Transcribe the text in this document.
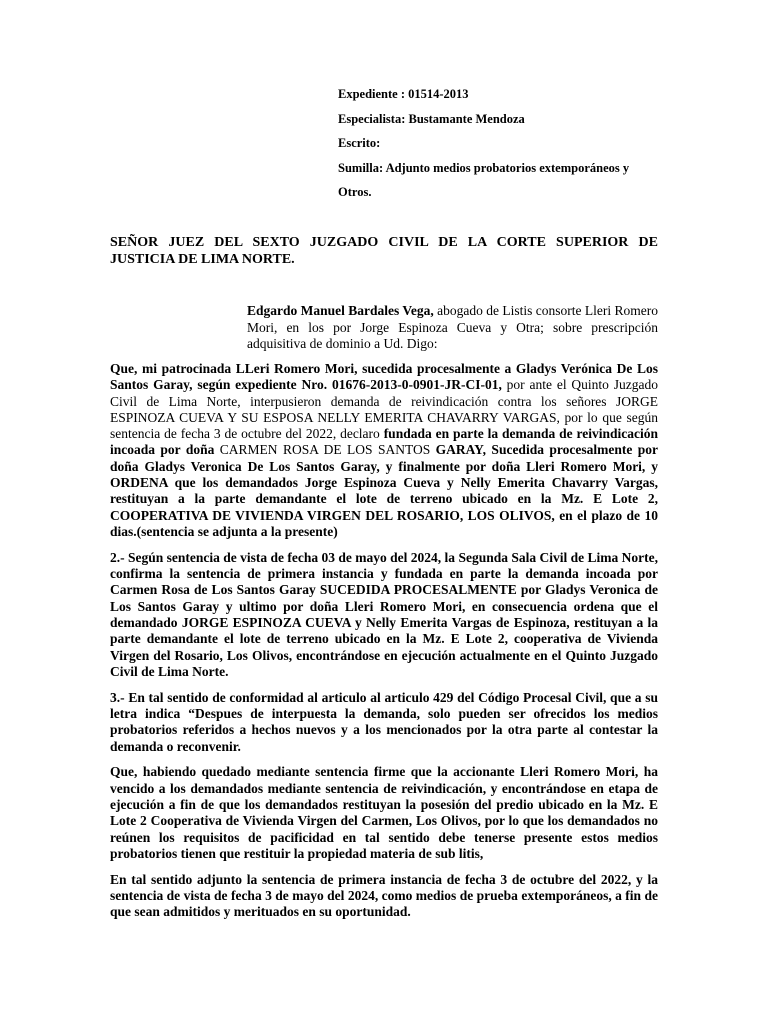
Expediente : 01514-2013
Especialista: Bustamante Mendoza
Escrito:
Sumilla: Adjunto medios probatorios extemporáneos y
Otros.
SEÑOR JUEZ DEL SEXTO JUZGADO CIVIL DE LA CORTE SUPERIOR DE JUSTICIA DE LIMA NORTE.
Edgardo Manuel Bardales Vega, abogado de Listis consorte Lleri Romero Mori, en los por Jorge Espinoza Cueva y Otra; sobre prescripción adquisitiva de dominio a Ud. Digo:

Que, mi patrocinada LLeri Romero Mori, sucedida procesalmente a Gladys Verónica De Los Santos Garay, según expediente Nro. 01676-2013-0-0901-JR-CI-01, por ante el Quinto Juzgado Civil de Lima Norte, interpusieron demanda de reivindicación contra los señores JORGE ESPINOZA CUEVA Y SU ESPOSA NELLY EMERITA CHAVARRY VARGAS, por lo que según sentencia de fecha 3 de octubre del 2022, declaro fundada en parte la demanda de reivindicación incoada por doña CARMEN ROSA DE LOS SANTOS GARAY, Sucedida procesalmente por doña Gladys Veronica De Los Santos Garay, y finalmente por doña Lleri Romero Mori, y ORDENA que los demandados Jorge Espinoza Cueva y Nelly Emerita Chavarry Vargas, restituyan a la parte demandante el lote de terreno ubicado en la Mz. E Lote 2, COOPERATIVA DE VIVIENDA VIRGEN DEL ROSARIO, LOS OLIVOS, en el plazo de 10 dias.(sentencia se adjunta a la presente)

2.- Según sentencia de vista de fecha 03 de mayo del 2024, la Segunda Sala Civil de Lima Norte, confirma la sentencia de primera instancia y fundada en parte la demanda incoada por Carmen Rosa de Los Santos Garay SUCEDIDA PROCESALMENTE por Gladys Veronica de Los Santos Garay y ultimo por doña Lleri Romero Mori, en consecuencia ordena que el demandado JORGE ESPINOZA CUEVA y Nelly Emerita Vargas de Espinoza, restituyan a la parte demandante el lote de terreno ubicado en la Mz. E Lote 2, cooperativa de Vivienda Virgen del Rosario, Los Olivos, encontrándose en ejecución actualmente en el Quinto Juzgado Civil de Lima Norte.

3.- En tal sentido de conformidad al articulo al articulo 429 del Código Procesal Civil, que a su letra indica “Despues de interpuesta la demanda, solo pueden ser ofrecidos los medios probatorios referidos a hechos nuevos y a los mencionados por la otra parte al contestar la demanda o reconvenir.

Que, habiendo quedado mediante sentencia firme que la accionante Lleri Romero Mori, ha vencido a los demandados mediante sentencia de reivindicación, y encontrándose en etapa de ejecución a fin de que los demandados restituyan la posesión del predio ubicado en la Mz. E Lote 2 Cooperativa de Vivienda Virgen del Carmen, Los Olivos, por lo que los demandados no reúnen los requisitos de pacificidad en tal sentido debe tenerse presente estos medios probatorios tienen que restituir la propiedad materia de sub litis,

En tal sentido adjunto la sentencia de primera instancia de fecha 3 de octubre del 2022, y la sentencia de vista de fecha 3 de mayo del 2024, como medios de prueba extemporáneos, a fin de que sean admitidos y merituados en su oportunidad.
